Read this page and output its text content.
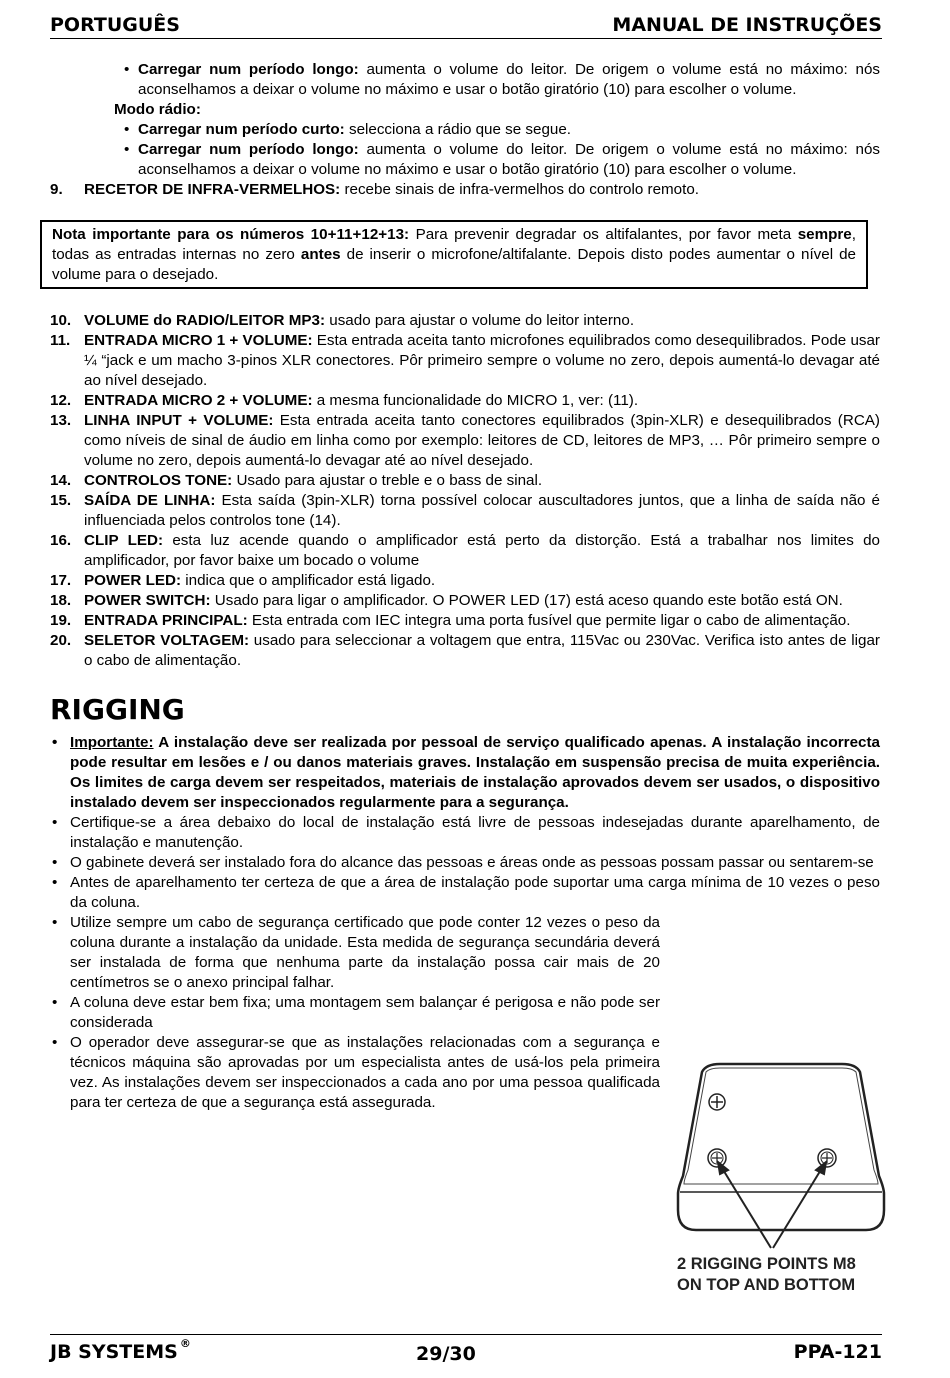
PORTUGUÊS	MANUAL DE INSTRUÇÕES

• Carregar num período longo: aumenta o volume do leitor. De origem o volume está no máximo: nós aconselhamos a deixar o volume no máximo e usar o botão giratório (10) para escolher o volume.

Modo rádio:

• Carregar num período curto: selecciona a rádio que se segue.

• Carregar num período longo: aumenta o volume do leitor. De origem o volume está no máximo: nós aconselhamos a deixar o volume no máximo e usar o botão giratório (10) para escolher o volume.

9. RECETOR DE INFRA-VERMELHOS: recebe sinais de infra-vermelhos do controlo remoto.

Nota importante para os números 10+11+12+13: Para prevenir degradar os altifalantes, por favor meta sempre, todas as entradas internas no zero antes de inserir o microfone/altifalante. Depois disto podes aumentar o nível de volume para o desejado.

10. VOLUME do RADIO/LEITOR MP3: usado para ajustar o volume do leitor interno.

11. ENTRADA MICRO 1 + VOLUME: Esta entrada aceita tanto microfones equilibrados como desequilibrados. Pode usar ¼ “jack e um macho 3-pinos XLR conectores. Pôr primeiro sempre o volume no zero, depois aumentá-lo devagar até ao nível desejado.

12. ENTRADA MICRO 2 + VOLUME: a mesma funcionalidade do MICRO 1, ver: (11).

13. LINHA INPUT + VOLUME: Esta entrada aceita tanto conectores equilibrados (3pin-XLR) e desequilibrados (RCA) como níveis de sinal de áudio em linha como por exemplo: leitores de CD, leitores de MP3, … Pôr primeiro sempre o volume no zero, depois aumentá-lo devagar até ao nível desejado.

14. CONTROLOS TONE: Usado para ajustar o treble e o bass de sinal.

15. SAÍDA DE LINHA: Esta saída (3pin-XLR) torna possível colocar auscultadores juntos, que a linha de saída não é influenciada pelos controlos tone (14).

16. CLIP LED: esta luz acende quando o amplificador está perto da distorção. Está a trabalhar nos limites do amplificador, por favor baixe um bocado o volume

17. POWER LED: indica que o amplificador está ligado.

18. POWER SWITCH: Usado para ligar o amplificador. O POWER LED (17) está aceso quando este botão está ON.

19. ENTRADA PRINCIPAL: Esta entrada com IEC integra uma porta fusível que permite ligar o cabo de alimentação.

20. SELETOR VOLTAGEM: usado para seleccionar a voltagem que entra, 115Vac ou 230Vac. Verifica isto antes de ligar o cabo de alimentação.

RIGGING

• Importante: A instalação deve ser realizada por pessoal de serviço qualificado apenas. A instalação incorrecta pode resultar em lesões e / ou danos materiais graves. Instalação em suspensão precisa de muita experiência. Os limites de carga devem ser respeitados, materiais de instalação aprovados devem ser usados, o dispositivo instalado devem ser inspeccionados regularmente para a segurança.

• Certifique-se a área debaixo do local de instalação está livre de pessoas indesejadas durante aparelhamento, de instalação e manutenção.

• O gabinete deverá ser instalado fora do alcance das pessoas e áreas onde as pessoas possam passar ou sentarem-se

• Antes de aparelhamento ter certeza de que a área de instalação pode suportar uma carga mínima de 10 vezes o peso da coluna.

• Utilize sempre um cabo de segurança certificado que pode conter 12 vezes o peso da coluna durante a instalação da unidade. Esta medida de segurança secundária deverá ser instalada de forma que nenhuma parte da instalação possa cair mais de 20 centímetros se o anexo principal falhar.

• A coluna deve estar bem fixa; uma montagem sem balançar é perigosa e não pode ser considerada

• O operador deve assegurar-se que as instalações relacionadas com a segurança e técnicos máquina são aprovadas por um especialista antes de usá-los pela primeira vez. As instalações devem ser inspeccionados a cada ano por uma pessoa qualificada para ter certeza de que a segurança está assegurada.

2 RIGGING POINTS M8
ON TOP AND BOTTOM
JB SYSTEMS ®	29/30	PPA-121
